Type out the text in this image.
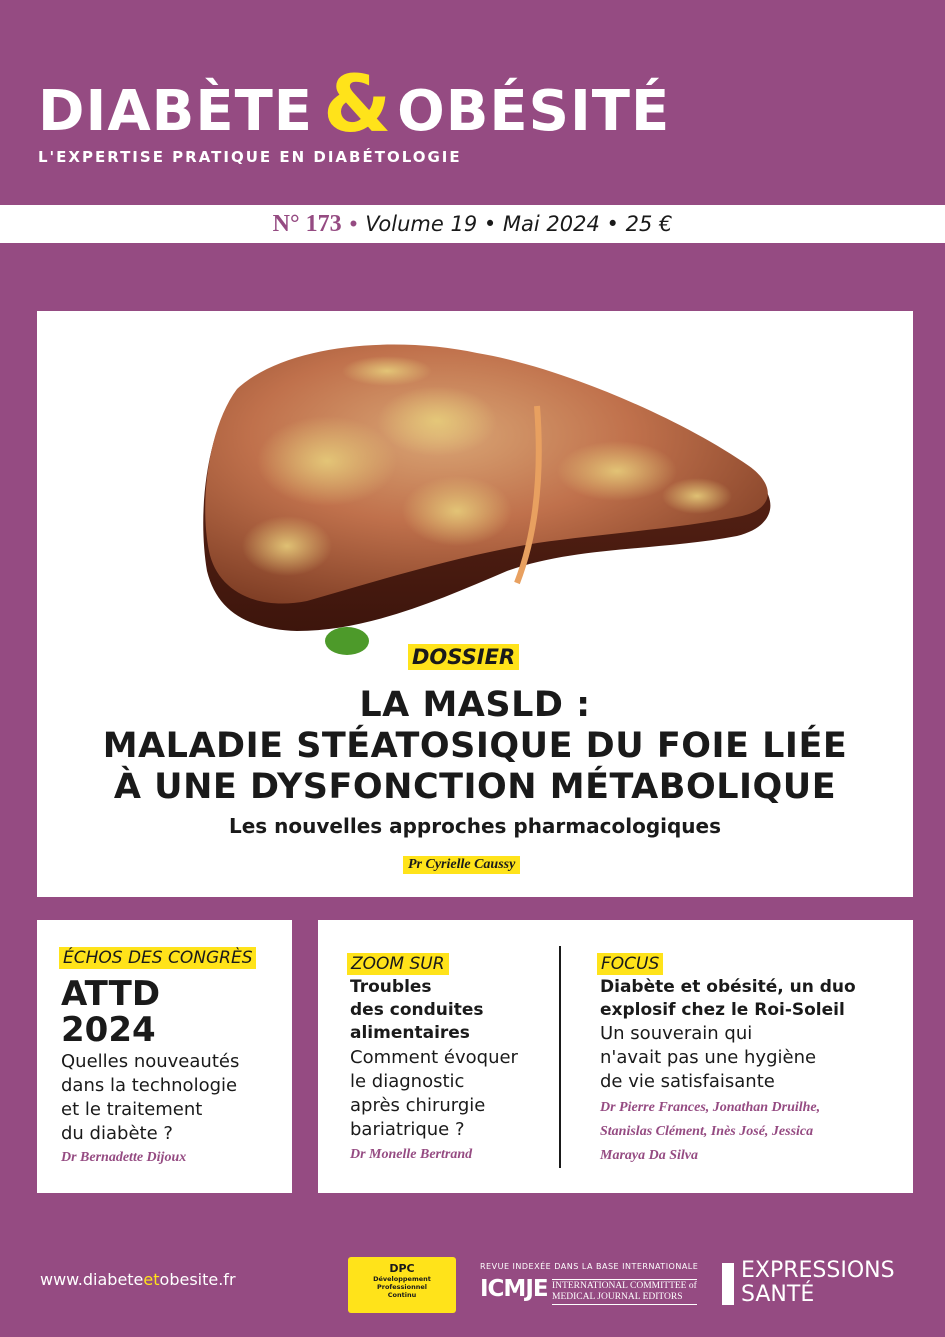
DIABÈTE & OBÉSITÉ
L'EXPERTISE PRATIQUE EN DIABÉTOLOGIE
N° 173 • Volume 19 • Mai 2024 • 25 €
DOSSIER
LA MASLD :
MALADIE STÉATOSIQUE DU FOIE LIÉE
À UNE DYSFONCTION MÉTABOLIQUE
Les nouvelles approches pharmacologiques
Pr Cyrielle Caussy
ÉCHOS DES CONGRÈS
ATTD
2024
Quelles nouveautés
dans la technologie
et le traitement
du diabète ?
Dr Bernadette Dijoux
ZOOM SUR
Troubles
des conduites
alimentaires
Comment évoquer
le diagnostic
après chirurgie
bariatrique ?
Dr Monelle Bertrand
FOCUS
Diabète et obésité, un duo
explosif chez le Roi-Soleil
Un souverain qui
n'avait pas une hygiène
de vie satisfaisante
Dr Pierre Frances, Jonathan Druilhe,
Stanislas Clément, Inès José, Jessica
Maraya Da Silva
www.diabeteetobesite.fr
DPC
Développement
Professionnel
Continu
REVUE INDEXÉE DANS LA BASE INTERNATIONALE
ICMJE INTERNATIONAL COMMITTEE of
MEDICAL JOURNAL EDITORS
EXPRESSIONS
SANTÉ
